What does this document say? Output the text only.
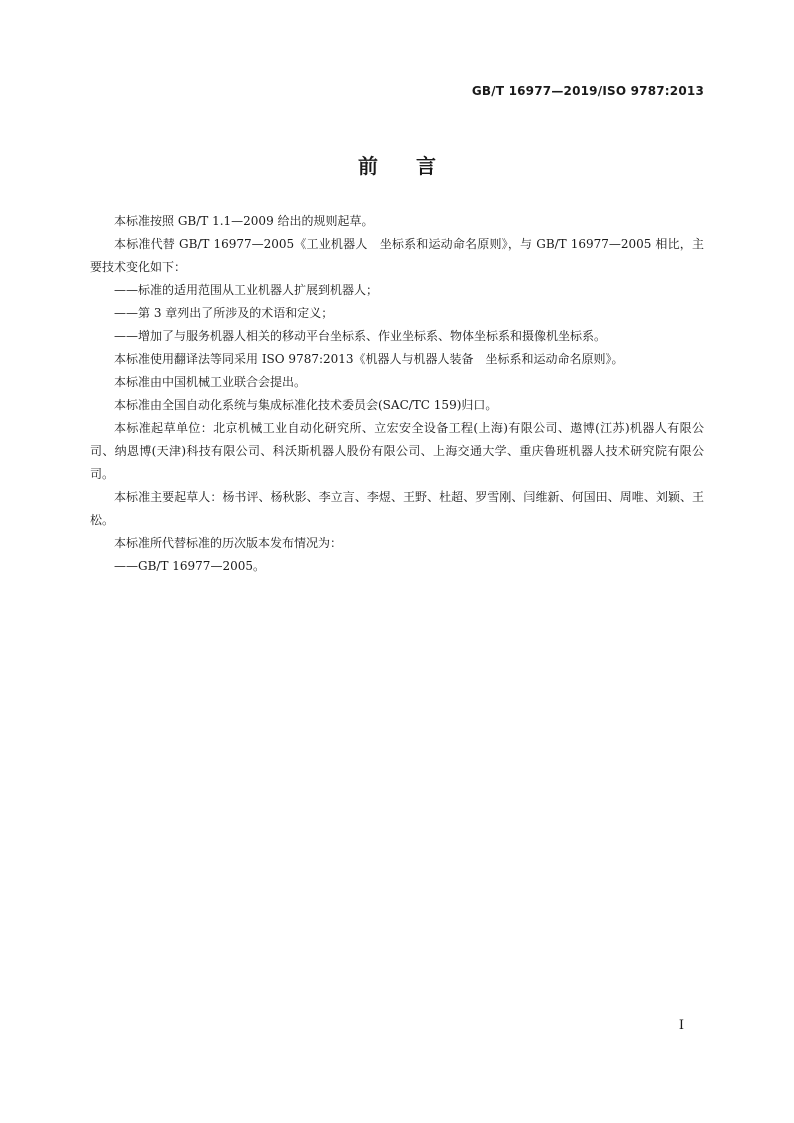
GB/T 16977—2019/ISO 9787:2013
前言

本标准按照 GB/T 1.1—2009 给出的规则起草。

本标准代替 GB/T 16977—2005《工业机器人　坐标系和运动命名原则》，与 GB/T 16977—2005 相比，主要技术变化如下：

——标准的适用范围从工业机器人扩展到机器人；

——第 3 章列出了所涉及的术语和定义；

——增加了与服务机器人相关的移动平台坐标系、作业坐标系、物体坐标系和摄像机坐标系。

本标准使用翻译法等同采用 ISO 9787:2013《机器人与机器人装备　坐标系和运动命名原则》。

本标准由中国机械工业联合会提出。

本标准由全国自动化系统与集成标准化技术委员会(SAC/TC 159)归口。

本标准起草单位：北京机械工业自动化研究所、立宏安全设备工程(上海)有限公司、遨博(江苏)机器人有限公司、纳恩博(天津)科技有限公司、科沃斯机器人股份有限公司、上海交通大学、重庆鲁班机器人技术研究院有限公司。

本标准主要起草人：杨书评、杨秋影、李立言、李煜、王野、杜超、罗雪刚、闫维新、何国田、周唯、刘颖、王松。

本标准所代替标准的历次版本发布情况为：

——GB/T 16977—2005。

I
